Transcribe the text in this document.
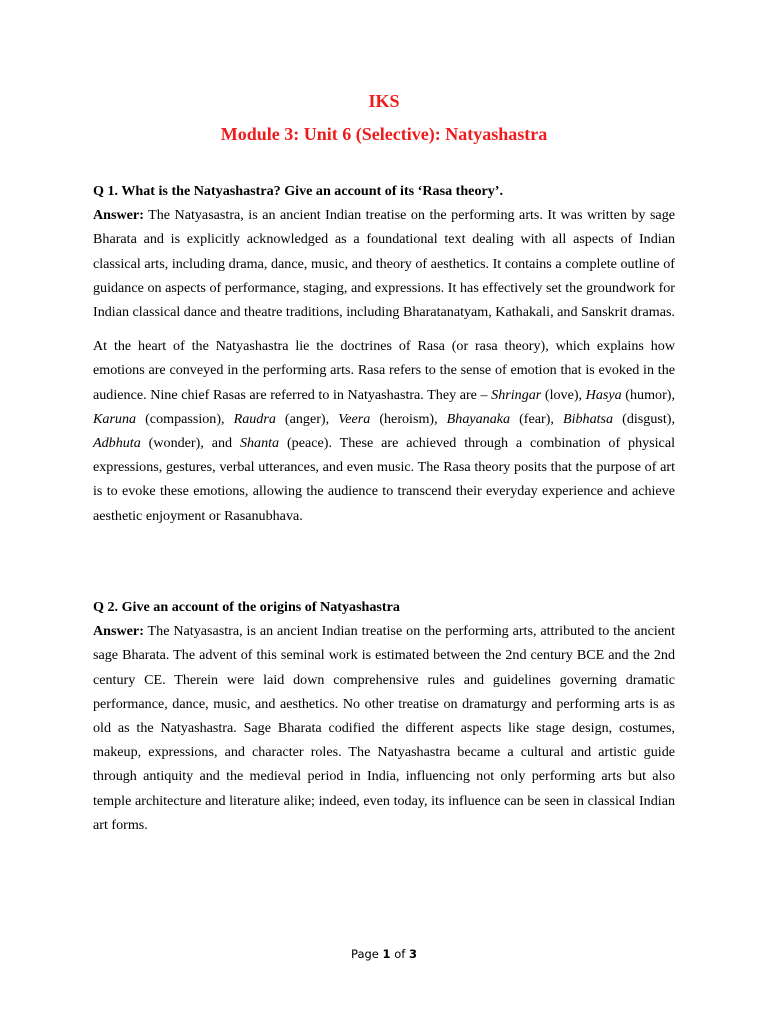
IKS
Module 3: Unit 6 (Selective): Natyashastra

Q 1. What is the Natyashastra? Give an account of its ‘Rasa theory’.

Answer: The Natyasastra, is an ancient Indian treatise on the performing arts. It was written by sage Bharata and is explicitly acknowledged as a foundational text dealing with all aspects of Indian classical arts, including drama, dance, music, and theory of aesthetics. It contains a complete outline of guidance on aspects of performance, staging, and expressions. It has effectively set the groundwork for Indian classical dance and theatre traditions, including Bharatanatyam, Kathakali, and Sanskrit dramas.

At the heart of the Natyashastra lie the doctrines of Rasa (or rasa theory), which explains how emotions are conveyed in the performing arts. Rasa refers to the sense of emotion that is evoked in the audience. Nine chief Rasas are referred to in Natyashastra. They are – Shringar (love), Hasya (humor), Karuna (compassion), Raudra (anger), Veera (heroism), Bhayanaka (fear), Bibhatsa (disgust), Adbhuta (wonder), and Shanta (peace). These are achieved through a combination of physical expressions, gestures, verbal utterances, and even music. The Rasa theory posits that the purpose of art is to evoke these emotions, allowing the audience to transcend their everyday experience and achieve aesthetic enjoyment or Rasanubhava.

Q 2. Give an account of the origins of Natyashastra

Answer: The Natyasastra, is an ancient Indian treatise on the performing arts, attributed to the ancient sage Bharata. The advent of this seminal work is estimated between the 2nd century BCE and the 2nd century CE. Therein were laid down comprehensive rules and guidelines governing dramatic performance, dance, music, and aesthetics. No other treatise on dramaturgy and performing arts is as old as the Natyashastra. Sage Bharata codified the different aspects like stage design, costumes, makeup, expressions, and character roles. The Natyashastra became a cultural and artistic guide through antiquity and the medieval period in India, influencing not only performing arts but also temple architecture and literature alike; indeed, even today, its influence can be seen in classical Indian art forms.

Page 1 of 3
